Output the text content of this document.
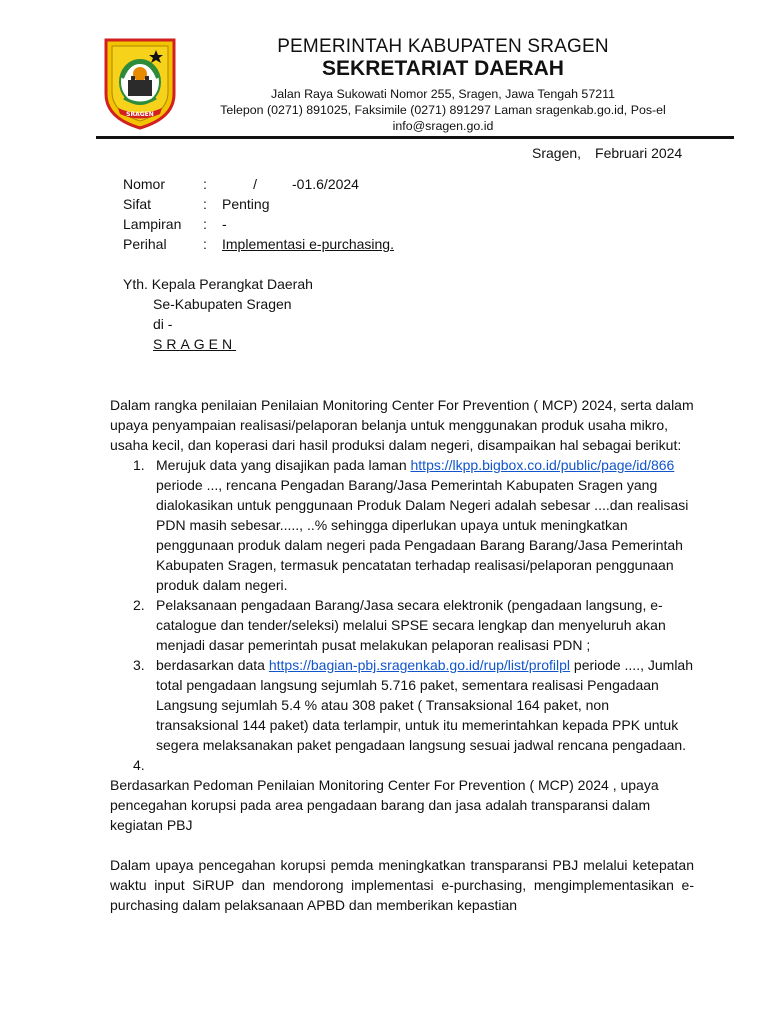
SRAGEN
PEMERINTAH KABUPATEN SRAGEN
SEKRETARIAT DAERAH
Jalan Raya Sukowati Nomor 255, Sragen, Jawa Tengah 57211
Telepon (0271) 891025, Faksimile (0271) 891297 Laman sragenkab.go.id, Pos-el
info@sragen.go.id
Sragen, Februari 2024
Nomor	:        /         -01.6/2024
Sifat	: Penting
Lampiran : -
Perihal	: Implementasi e-purchasing.
Yth. Kepala Perangkat Daerah
Se-Kabupaten Sragen
di -
SRAGEN
Dalam rangka penilaian Penilaian Monitoring Center For Prevention ( MCP) 2024, serta dalam upaya penyampaian realisasi/pelaporan belanja untuk menggunakan produk usaha mikro, usaha kecil, dan koperasi dari hasil produksi dalam negeri, disampaikan hal sebagai berikut:
1. Merujuk data yang disajikan pada laman https://lkpp.bigbox.co.id/public/page/id/866 periode ..., rencana Pengadan Barang/Jasa Pemerintah Kabupaten Sragen yang dialokasikan untuk penggunaan Produk Dalam Negeri adalah sebesar ....dan realisasi PDN masih sebesar....., ..% sehingga diperlukan upaya untuk meningkatkan penggunaan produk dalam negeri pada Pengadaan Barang Barang/Jasa Pemerintah Kabupaten Sragen, termasuk pencatatan terhadap realisasi/pelaporan penggunaan produk dalam negeri.
2. Pelaksanaan pengadaan Barang/Jasa secara elektronik (pengadaan langsung, e-catalogue dan tender/seleksi) melalui SPSE secara lengkap dan menyeluruh akan menjadi dasar pemerintah pusat melakukan pelaporan realisasi PDN ;
3. berdasarkan data https://bagian-pbj.sragenkab.go.id/rup/list/profilpl periode ...., Jumlah total pengadaan langsung sejumlah 5.716 paket, sementara realisasi Pengadaan Langsung sejumlah 5.4 % atau 308 paket ( Transaksional 164 paket, non transaksional 144 paket) data terlampir, untuk itu memerintahkan kepada PPK untuk segera melaksanakan paket pengadaan langsung sesuai jadwal rencana pengadaan.
4.
Berdasarkan Pedoman Penilaian Monitoring Center For Prevention ( MCP) 2024 , upaya pencegahan korupsi pada area pengadaan barang dan jasa adalah transparansi dalam kegiatan PBJ
Dalam upaya pencegahan korupsi pemda meningkatkan transparansi PBJ melalui ketepatan waktu input SiRUP dan mendorong implementasi e-purchasing, mengimplementasikan e-purchasing dalam pelaksanaan APBD dan memberikan kepastian
